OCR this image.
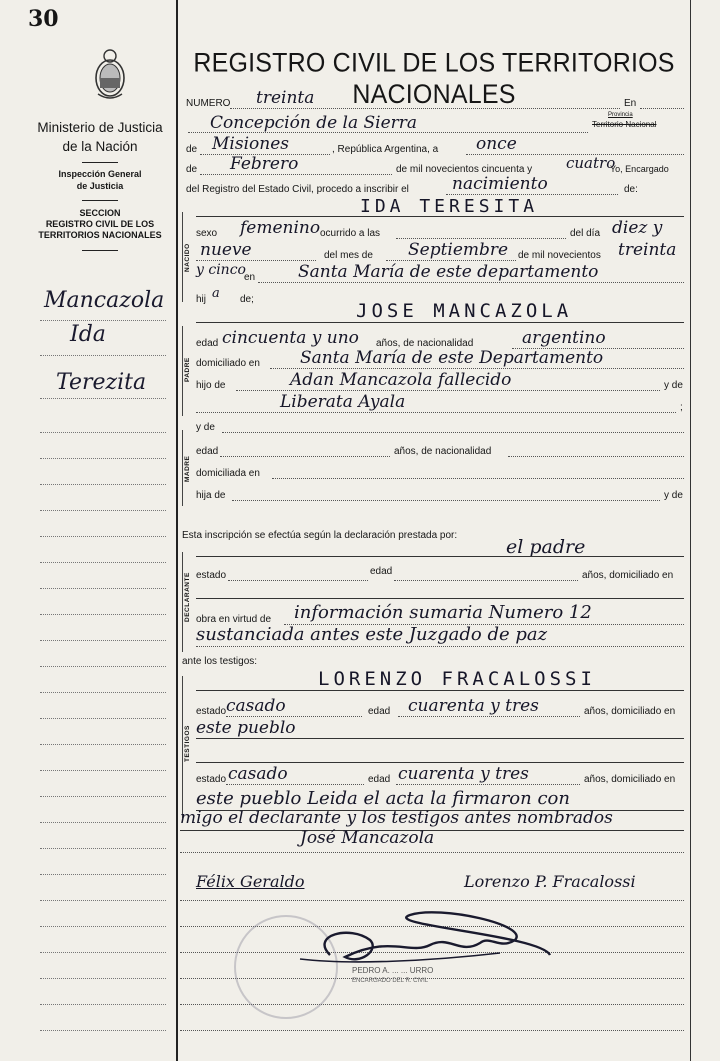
30
Ministerio de Justicia
de la Nación
Inspección General
de Justicia
SECCION
REGISTRO CIVIL DE LOS
TERRITORIOS NACIONALES
Mancazola
Ida
Terezita
REGISTRO CIVIL DE LOS TERRITORIOS NACIONALES
NUMERO treinta	En
Concepción de la Sierra	Provincia
Territorio Nacional
de Misiones	, República Argentina, a once
de Febrero	de mil novecientos cincuenta y cuatro
Yo, Encargado
del Registro del Estado Civil, procedo a inscribir el	nacimiento	de:
NACIDO
IDA TERESITA
sexo femenino ocurrido a las	del día diez y
nueve	del mes de Septiembre de mil novecientos treinta
y cinco
en	Santa María de este departamento
hij a de;
PADRE
JOSE MANCAZOLA
edad cincuenta y uno años, de nacionalidad	argentino
domiciliado en Santa María de este Departamento
hijo de	Adan Mancazola fallecido	y de
Liberata Ayala	;
MADRE
y de
edad	años, de nacionalidad
domiciliada en
hija de	y de
Esta inscripción se efectúa según la declaración prestada por:
DECLARANTE
el padre
estado	edad	años, domiciliado en
obra en virtud de información sumaria Numero 12
sustanciada antes este Juzgado de paz
ante los testigos:
TESTIGOS
LORENZO FRACALOSSI
estado casado	edad cuarenta y tres	años, domiciliado en
este pueblo
estado casado	edad cuarenta y tres	años, domiciliado en
este pueblo Leida el acta la firmaron con
migo el declarante y los testigos antes nombrados
José Mancazola
Félix Geraldo	Lorenzo P. Fracalossi
PEDRO A. ... ... URRO
ENCARGADO DEL R. CIVIL
